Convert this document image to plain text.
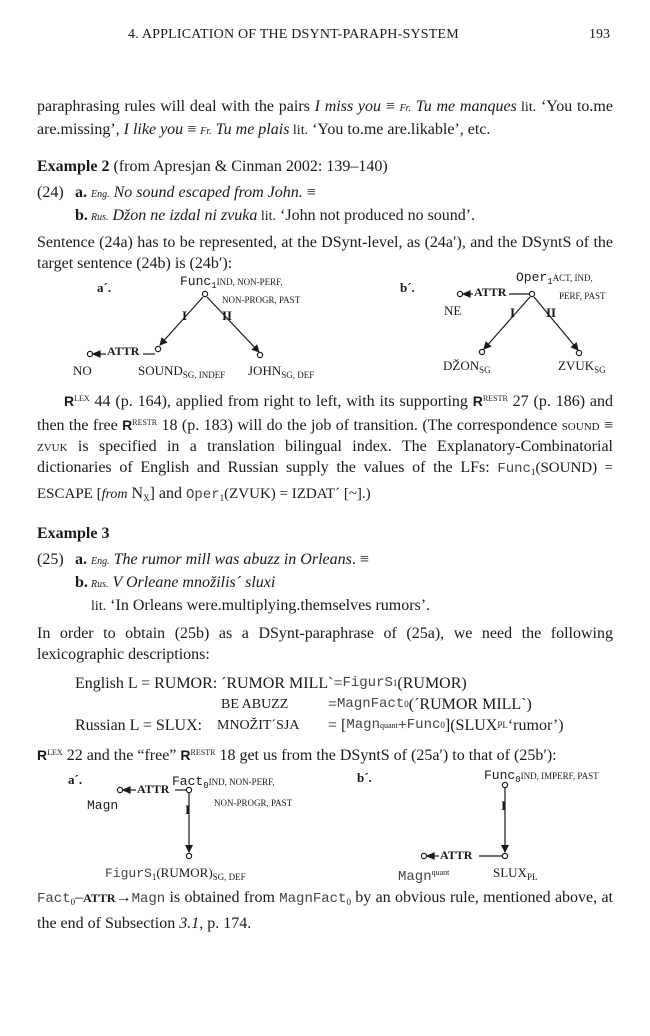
4. APPLICATION OF THE DSYNT-PARAPH-SYSTEM	193

paraphrasing rules will deal with the pairs I miss you ≡ Fr. Tu me manques lit. ‘You to.me are.missing’, I like you ≡ Fr. Tu me plais lit. ‘You to.me are.likable’, etc.

Example 2 (from Apresjan & Cinman 2002: 139–140)
(24) a. Eng. No sound escaped from John. ≡
b. Rus. Džon ne izdal ni zvuka lit. ‘John not produced no sound’.

Sentence (24a) has to be represented, at the DSynt-level, as (24a′), and the DSyntS of the target sentence (24b) is (24b′):

a´.	Func$_1$IND, NON-PERF,
NON-PROGR, PAST
I	II
ATTR
NO	$SOUND_{SG, INDEF}$ $JOHN_{SG, DEF}$
b´.
Oper$_1$ACT, IND,
PERF, PAST
ATTR
NE	I II
$DŽON_{SG}$	$ZVUK_{SG}$

$R^{LEX}$ 44 (p. 164), applied from right to left, with its supporting $R^{RESTR}$ 27 (p. 186) and then the free $R^{RESTR}$ 18 (p. 183) will do the job of transition. (The correspondence sound ≡ zvuk is specified in a translation bilingual index. The Explanatory-Combinatorial dictionaries of English and Russian supply the values of the LFs: Func$_1$(SOUND) = ESCAPE [from $N_X$] and Oper$_1$(ZVUK) = IZDAT´ [~].)

Example 3
(25) a. Eng. The rumor mill was abuzz in Orleans. ≡
b. Rus. V Orleane množilis´ sluxi
lit. ‘In Orleans were.multiplying.themselves rumors’.

In order to obtain (25b) as a DSynt-paraphrase of (25a), we need the following lexicographic descriptions:

English L = RUMOR: ´RUMOR MILL` = FigurS 1 (RUMOR)
BE ABUZZ	= MagnFact 0 (´RUMOR MILL`)
Russian L = SLUX:	MNOŽIT´SJA	= [ Magn quant + Func 0 ](SLUX PL ‘rumor’)

$R^{LEX}$ 22 and the “free” $R^{RESTR}$ 18 get us from the DSyntS of (25a′) to that of (25b′):

a´.	Fact$_0$IND, NON-PERF,
NON-PROGR, PAST
ATTR
Magn	I
$FigurS_1(RUMOR)_{SG, DEF}$
b´.	Func$_0$IND, IMPERF, PAST
I
ATTR
Magn$^{quant}$	$SLUX_{PL}$

Fact$_0$–ATTR→Magn is obtained from MagnFact$_0$ by an obvious rule, mentioned above, at the end of Subsection 3.1, p. 174.
